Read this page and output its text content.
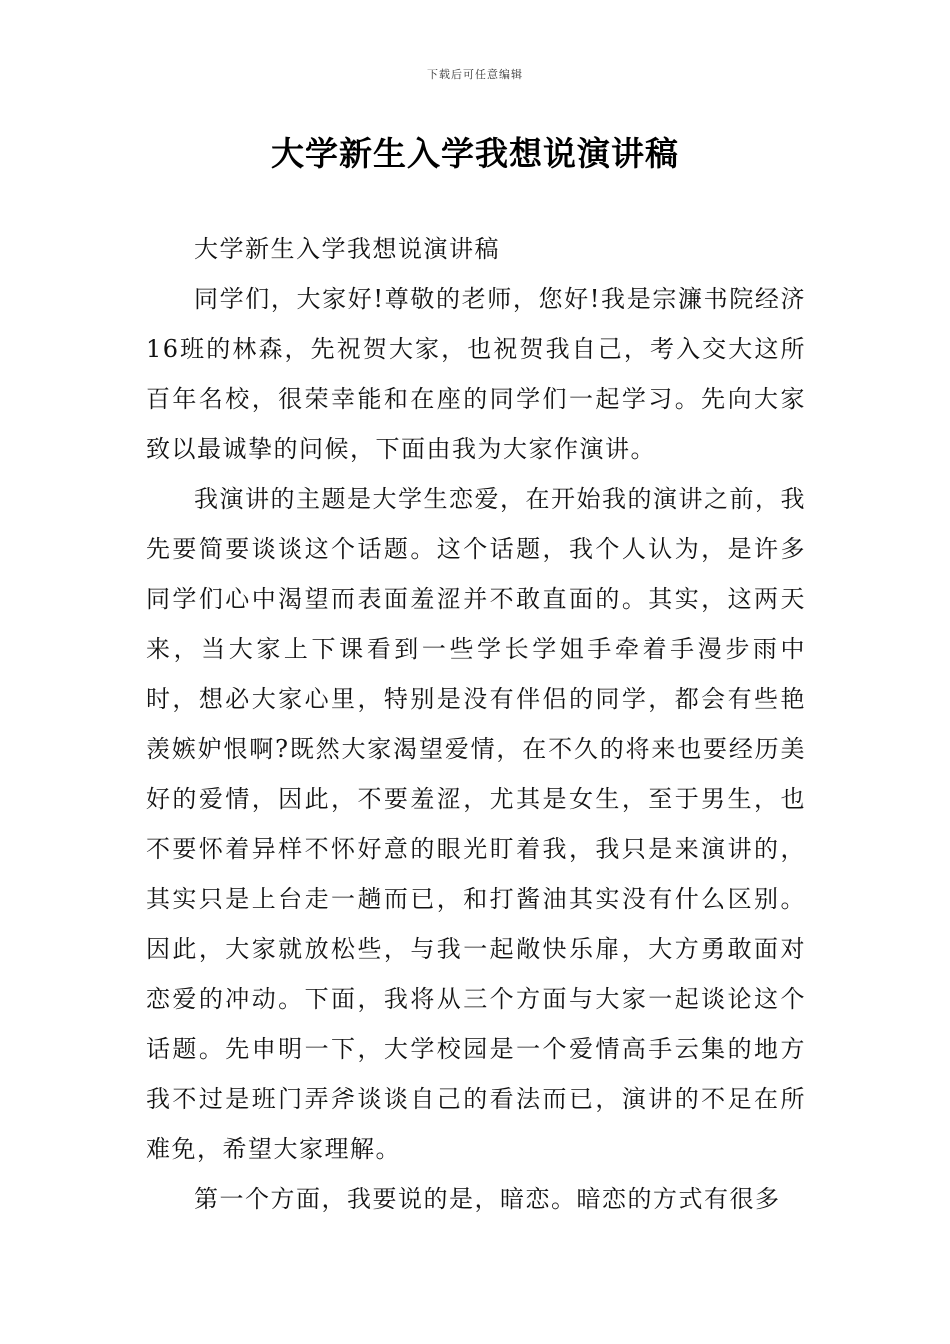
下载后可任意编辑
大学新生入学我想说演讲稿

大学新生入学我想说演讲稿

同学们，大家好!尊敬的老师，您好!我是宗濂书院经济16班的林森，先祝贺大家，也祝贺我自己，考入交大这所百年名校，很荣幸能和在座的同学们一起学习。先向大家致以最诚挚的问候，下面由我为大家作演讲。

我演讲的主题是大学生恋爱，在开始我的演讲之前，我先要简要谈谈这个话题。这个话题，我个人认为，是许多同学们心中渴望而表面羞涩并不敢直面的。其实，这两天来，当大家上下课看到一些学长学姐手牵着手漫步雨中时，想必大家心里，特别是没有伴侣的同学，都会有些艳羡嫉妒恨啊?既然大家渴望爱情，在不久的将来也要经历美好的爱情，因此，不要羞涩，尤其是女生，至于男生，也不要怀着异样不怀好意的眼光盯着我，我只是来演讲的，其实只是上台走一趟而已，和打酱油其实没有什么区别。因此，大家就放松些，与我一起敞快乐扉，大方勇敢面对恋爱的冲动。下面，我将从三个方面与大家一起谈论这个话题。先申明一下，大学校园是一个爱情高手云集的地方我不过是班门弄斧谈谈自己的看法而已，演讲的不足在所难免，希望大家理解。

第一个方面，我要说的是，暗恋。暗恋的方式有很多
